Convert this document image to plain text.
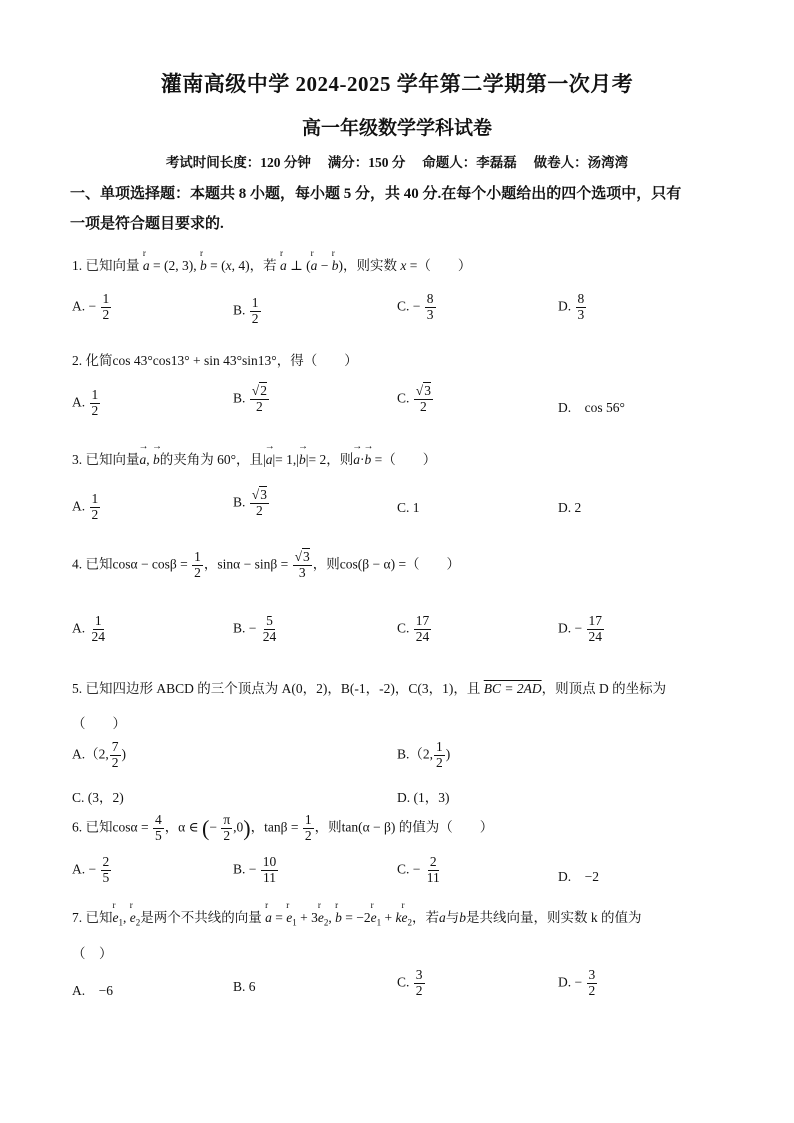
灌南高级中学 2024-2025 学年第二学期第一次月考
高一年级数学学科试卷
考试时间长度：120 分钟　 满分：150 分　 命题人：李磊磊　 做卷人：汤湾湾
一、单项选择题：本题共 8 小题，每小题 5 分，共 40 分.在每个小题给出的四个选项中，只有
一项是符合题目要求的.
1. 已知向量 r a = (2, 3), r b = (x, 4)，若 r a ⊥ (r a − r b)，则实数 x =（　　）
A. − $\frac{1}{2}$	B. $\frac{1}{2}$	C. − $\frac{8}{3}$	D. $\frac{8}{3}$
2. 化简cos 43°cos13° + sin 43°sin13°，得（　　）
A. $\frac{1}{2}$	B. $\frac{√2}{2}$	C. $\frac{√3}{2}$	D.　cos 56°
3. 已知向量→ a, → b的夹角为 60°，且|→ a|= 1,|→ b|= 2，则→ a·→ b =（　　）
A. $\frac{1}{2}$	B. $\frac{√3}{2}$	C. 1	D. 2
4. 已知$\cos\alpha - \cos\beta = \frac{1}{2}$ ，$\sin\alpha - \sin\beta = \frac{√3}{3}$ ，则cos(β − α) =（　　）
A. $\frac{1}{24}$	B. − $\frac{5}{24}$	C. $\frac{17}{24}$	D. − $\frac{17}{24}$
5. 已知四边形 ABCD 的三个顶点为 A(0，2)，B(-1，-2)，C(3，1)，且 BC = 2AD，则顶点 D 的坐标为
（　　）
A.（2, $\frac{7}{2}$ )	B.（2, $\frac{1}{2}$ )
C. (3，2)	D. (1，3)
6. 已知$\cos\alpha = \frac{4}{5}$ ，α ∈ (− $\frac{\pi}{2} ,0$)，$\tan\beta = \frac{1}{2}$ ，则tan(α − β) 的值为（　　）
A. − $\frac{2}{5}$	B. − $\frac{10}{11}$	C. − $\frac{2}{11}$	D.　−2
7. 已知r $e_1$, r $e_2$是两个不共线的向量 r a = r $e_1 + 3r$ $e_2$, r b = −2r $e_1$ + kr $e_2$，若a与b是共线向量，则实数 k 的值为
（　）
A.　−6	B. 6	C. $\frac{3}{2}$	D. − $\frac{3}{2}$
